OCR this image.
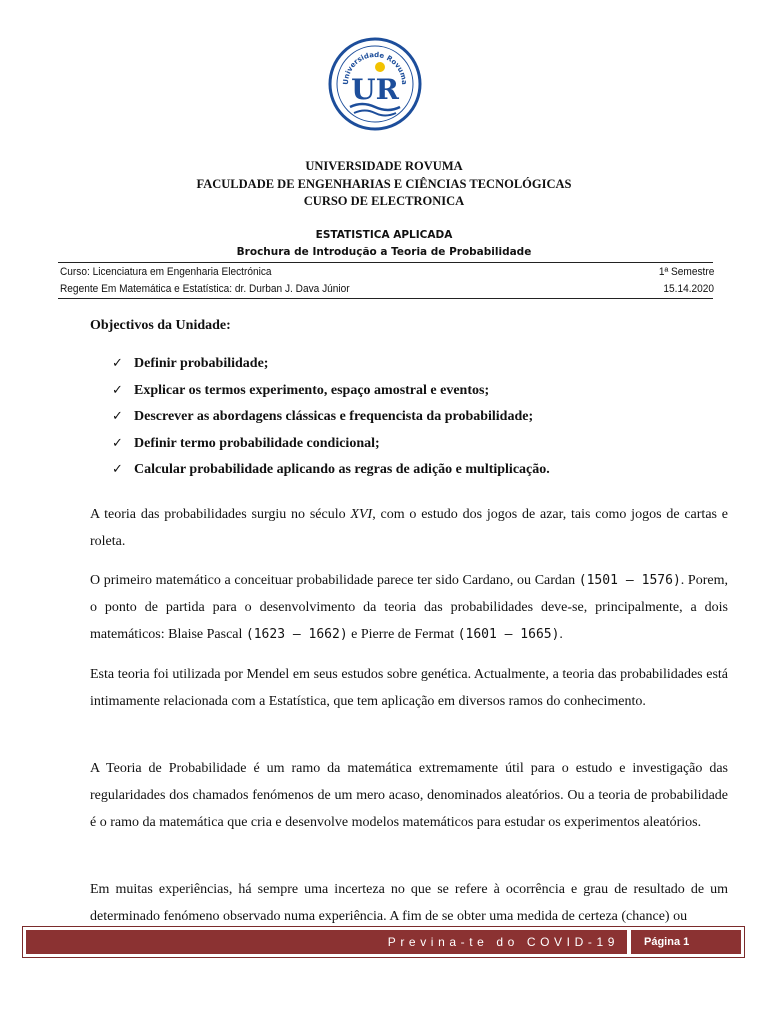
Universidade Rovuma
UR
UNIVERSIDADE ROVUMA
FACULDADE DE ENGENHARIAS E CIÊNCIAS TECNOLÓGICAS
CURSO DE ELECTRONICA
ESTATISTICA APLICADA
Brochura de Introdução a Teoria de Probabilidade
Curso: Licenciatura em Engenharia Electrónica	1ª Semestre
Regente Em Matemática e Estatística: dr. Durban J. Dava Júnior	15.14.2020
Objectivos da Unidade:
✓ Definir probabilidade;
✓ Explicar os termos experimento, espaço amostral e eventos;
✓ Descrever as abordagens clássicas e frequencista da probabilidade;
✓ Definir termo probabilidade condicional;
✓ Calcular probabilidade aplicando as regras de adição e multiplicação.
A teoria das probabilidades surgiu no século XVI, com o estudo dos jogos de azar, tais como jogos de cartas e roleta.
O primeiro matemático a conceituar probabilidade parece ter sido Cardano, ou Cardan (1501 – 1576). Porem, o ponto de partida para o desenvolvimento da teoria das probabilidades deve-se, principalmente, a dois matemáticos: Blaise Pascal (1623 – 1662) e Pierre de Fermat (1601 – 1665).
Esta teoria foi utilizada por Mendel em seus estudos sobre genética. Actualmente, a teoria das probabilidades está intimamente relacionada com a Estatística, que tem aplicação em diversos ramos do conhecimento.
A Teoria de Probabilidade é um ramo da matemática extremamente útil para o estudo e investigação das regularidades dos chamados fenómenos de um mero acaso, denominados aleatórios. Ou a teoria de probabilidade é o ramo da matemática que cria e desenvolve modelos matemáticos para estudar os experimentos aleatórios.
Em muitas experiências, há sempre uma incerteza no que se refere à ocorrência e grau de resultado de um determinado fenómeno observado numa experiência. A fim de se obter uma medida de certeza (chance) ou
Previna-te do COVID-19	Página 1
